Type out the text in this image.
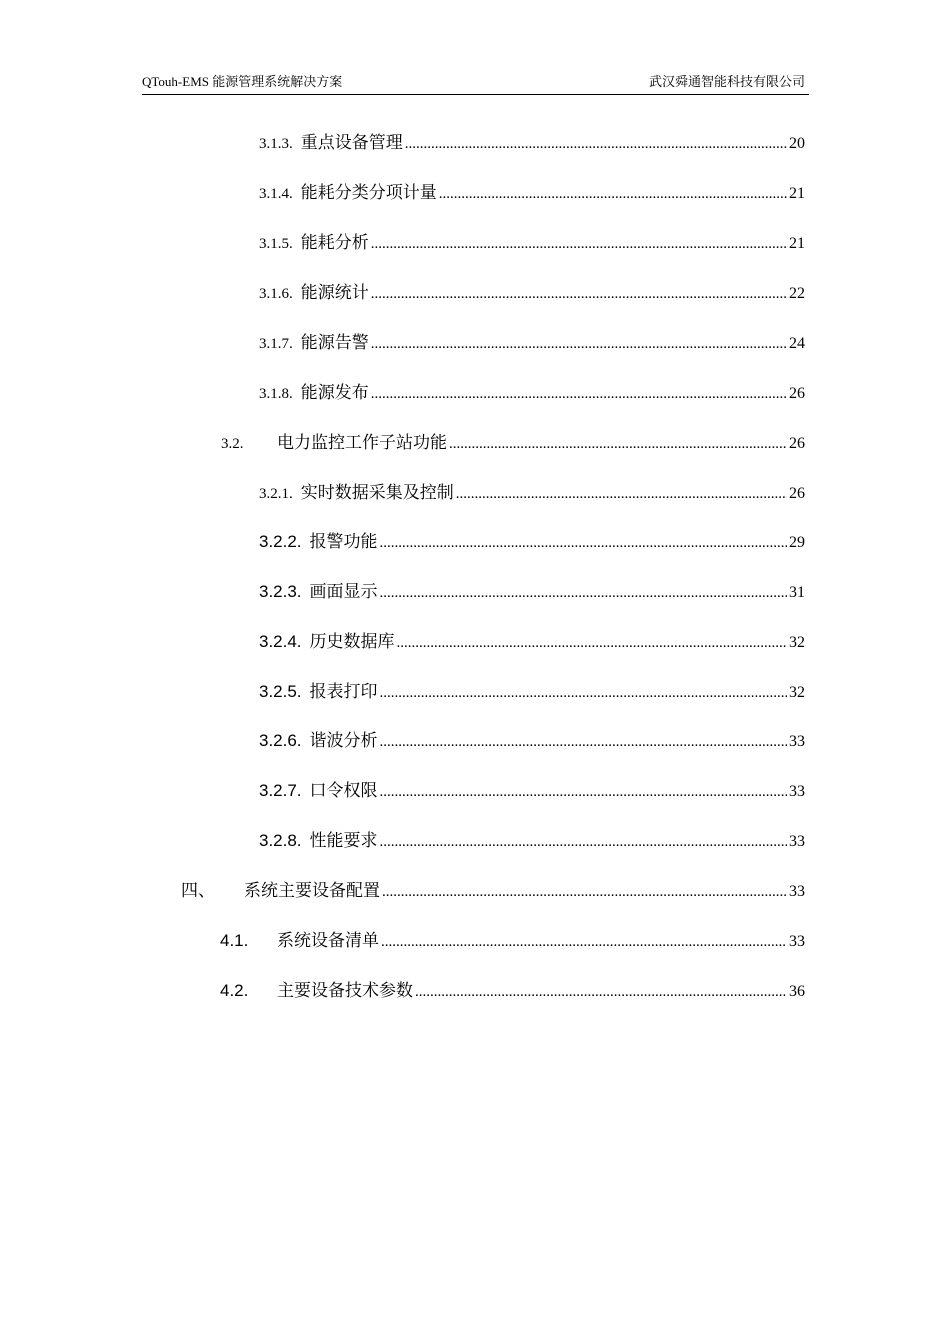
QTouh-EMS 能源管理系统解决方案	武汉舜通智能科技有限公司
3.1.3. 重点设备管理 .....	20
3.1.4. 能耗分类分项计量 .....	21
3.1.5. 能耗分析 .....	21
3.1.6. 能源统计 .....	22
3.1.7. 能源告警 .....	24
3.1.8. 能源发布 .....	26
3.2.	电力监控工作子站功能 .....	26
3.2.1. 实时数据采集及控制 .....	26
3.2.2. 报警功能 .....	29
3.2.3. 画面显示 .....	31
3.2.4. 历史数据库 .....	32
3.2.5. 报表打印 .....	32
3.2.6. 谐波分析 .....	33
3.2.7. 口令权限 .....	33
3.2.8. 性能要求 .....	33
四、	系统主要设备配置 .....	33
4.1.	系统设备清单 .....	33
4.2.	主要设备技术参数 .....	36
